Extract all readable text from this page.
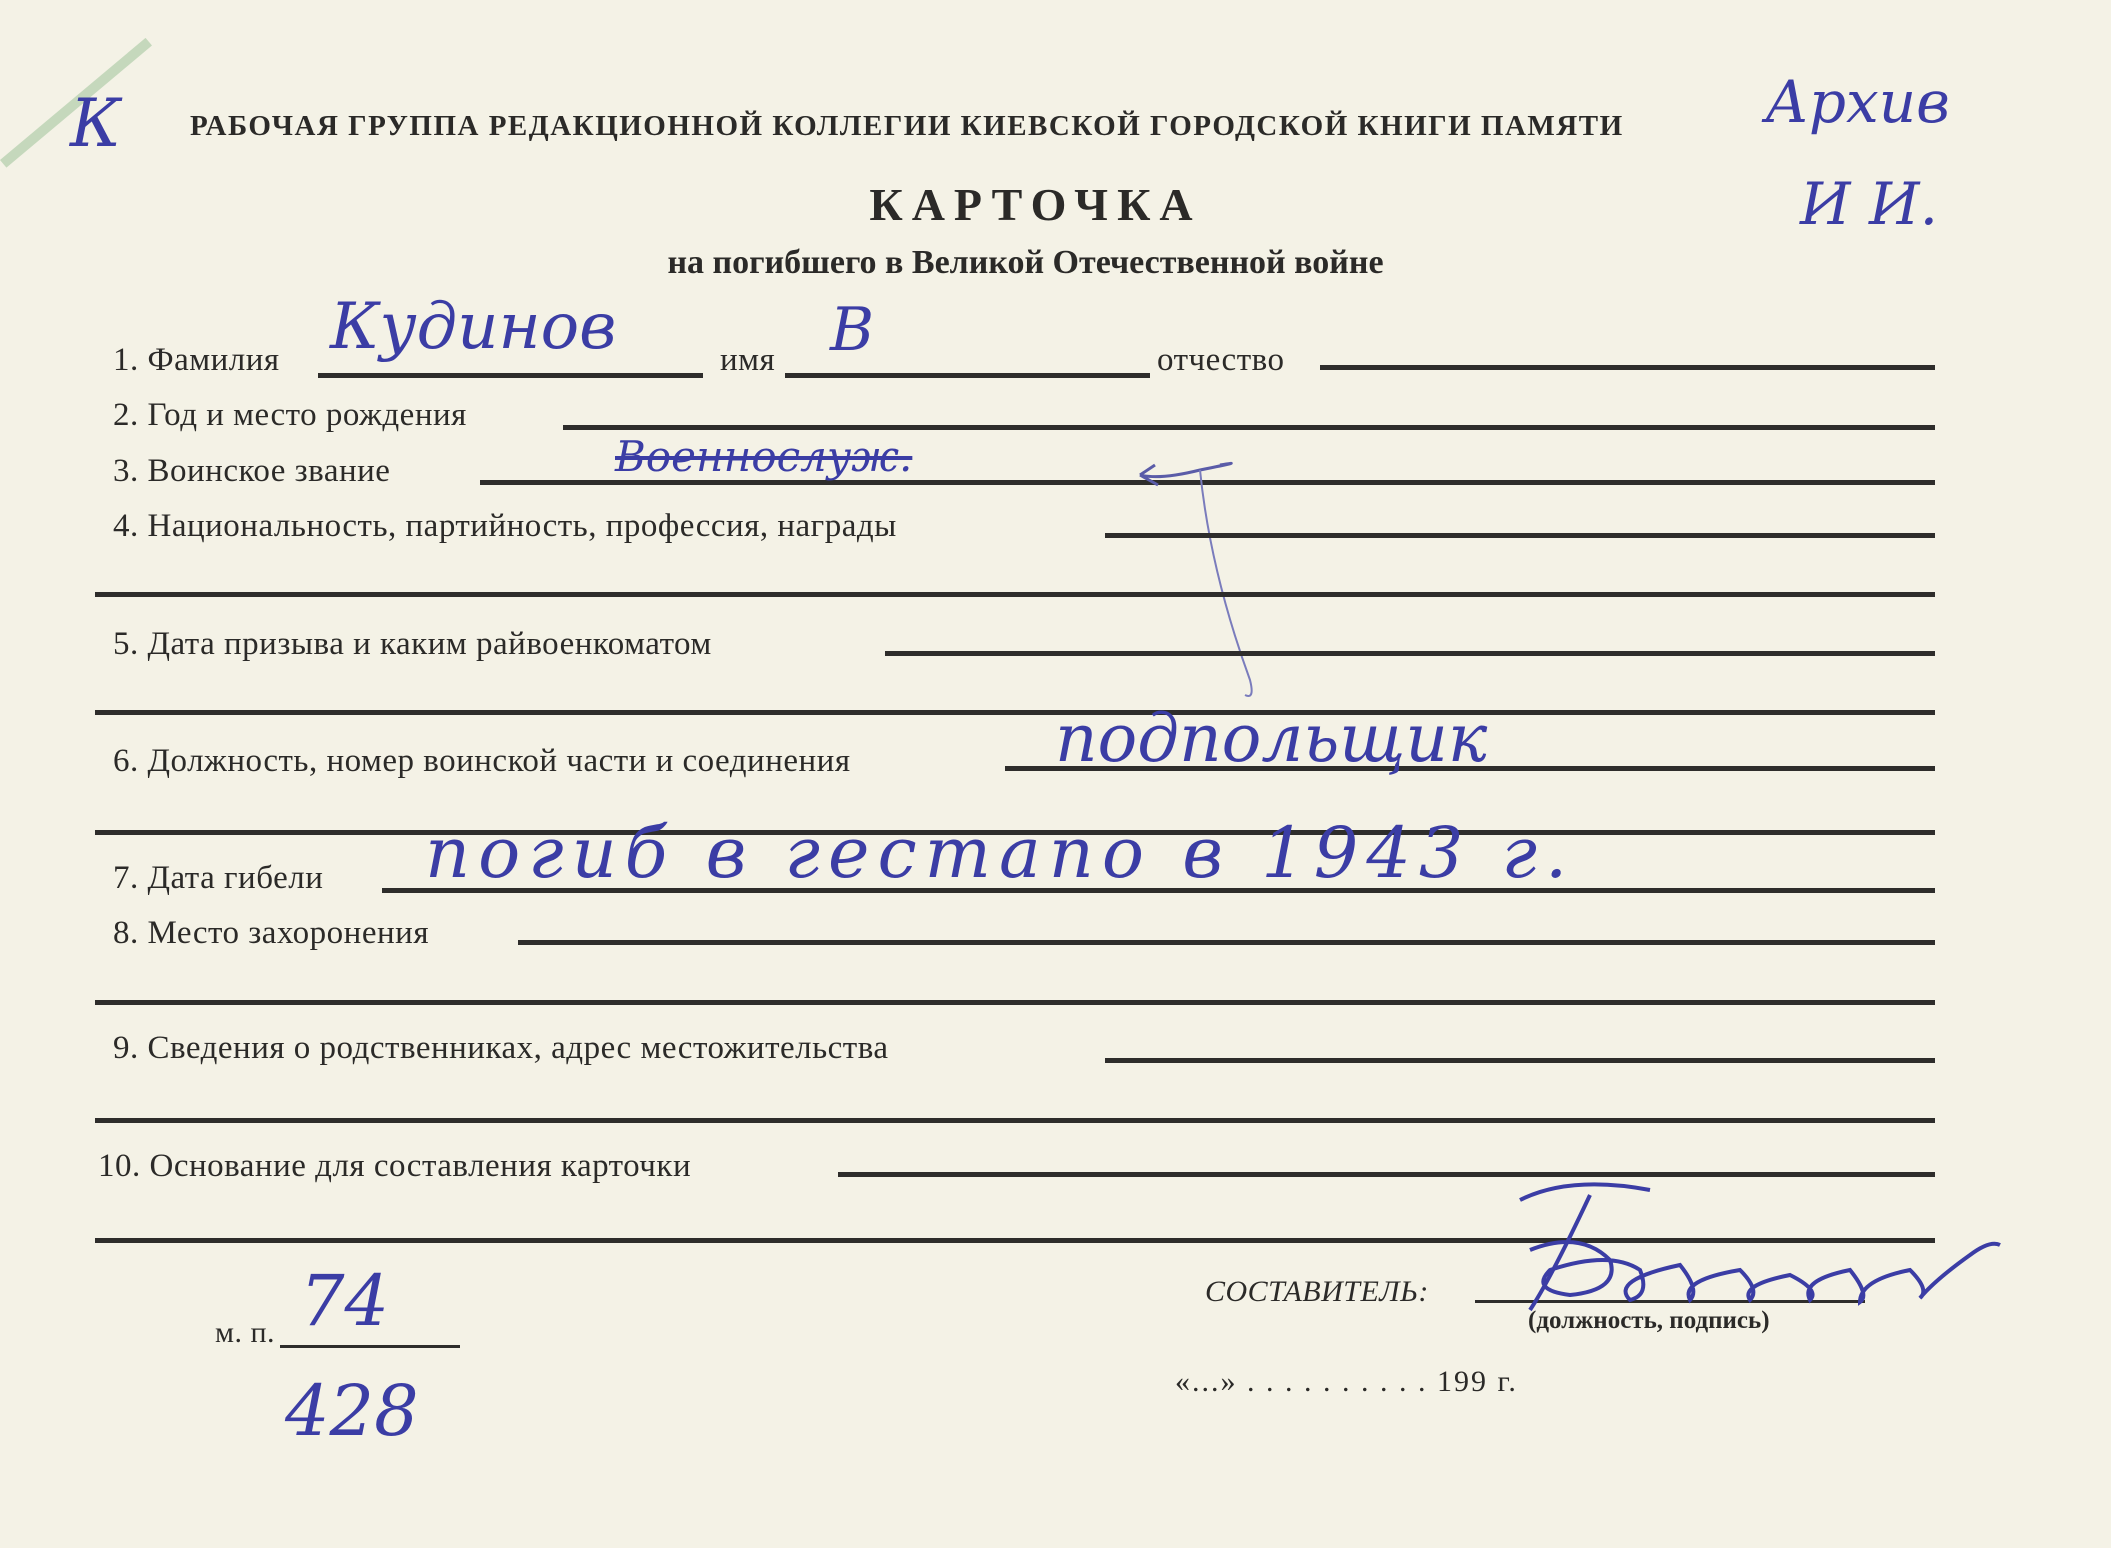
К РАБОЧАЯ ГРУППА РЕДАКЦИОННОЙ КОЛЛЕГИИ КИЕВСКОЙ ГОРОДСКОЙ КНИГИ ПАМЯТИ Архив
И И.
КАРТОЧКА
на погибшего в Великой Отечественной войне
1. Фамилия Кудинов	имя В	отчество
2. Год и место рождения
3. Воинское звание	Военнослуж.
4. Национальность, партийность, профессия, награды
5. Дата призыва и каким райвоенкоматом
6. Должность, номер воинской части и соединения	подпольщик
7. Дата гибели погиб в гестапо в 1943 г.
8. Место захоронения
9. Сведения о родственниках, адрес местожительства
10. Основание для составления карточки
СОСТАВИТЕЛЬ:
(должность, подпись)
м. п. 74
428	«...» . . . . . . . . . . 199 г.
